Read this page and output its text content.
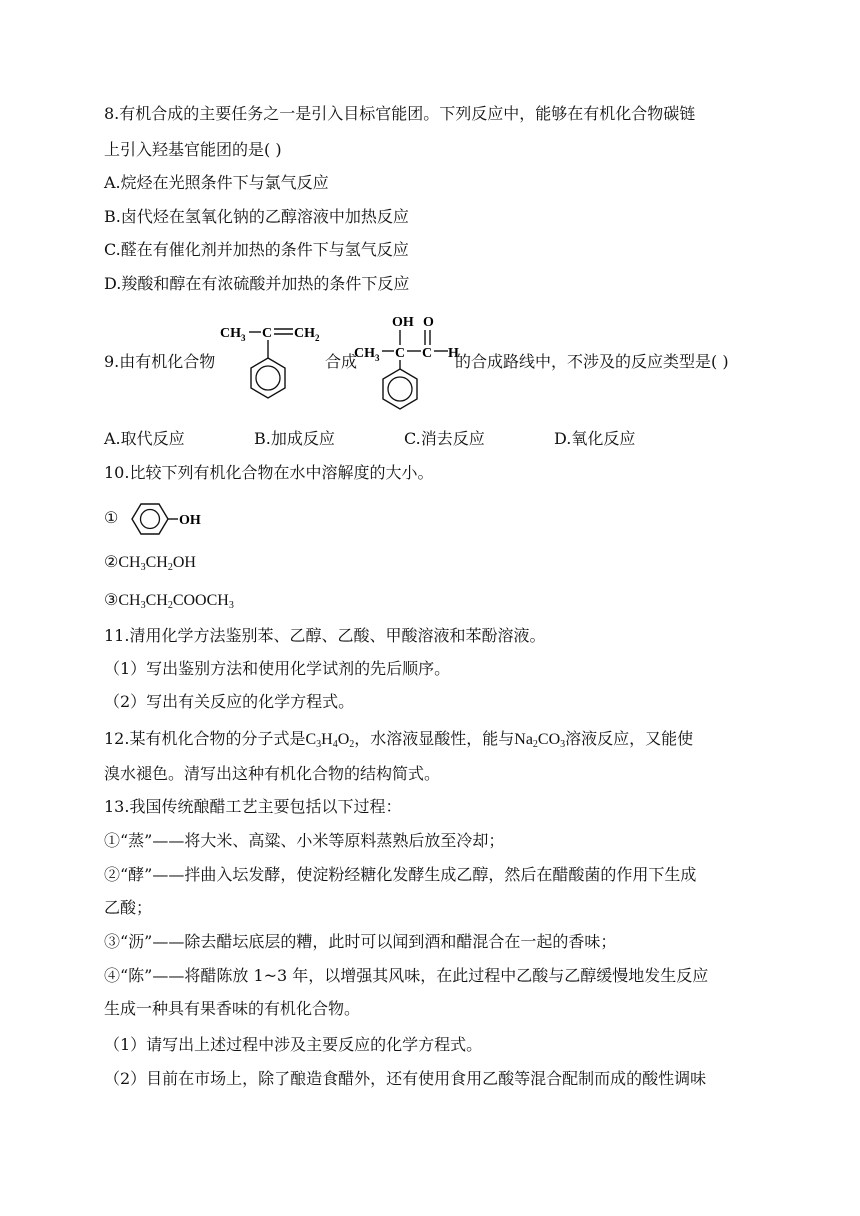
8.有机合成的主要任务之一是引入目标官能团。下列反应中，能够在有机化合物碳链
上引入羟基官能团的是( )
A.烷烃在光照条件下与氯气反应
B.卤代烃在氢氧化钠的乙醇溶液中加热反应
C.醛在有催化剂并加热的条件下与氢气反应
D.羧酸和醇在有浓硫酸并加热的条件下反应
9.由有机化合物	合成	的合成路线中，不涉及的反应类型是( )
$CH_3$ C $CH_2$
OH O
$CH_3$ C C H
A.取代反应	B.加成反应	C.消去反应	D.氧化反应
10.比较下列有机化合物在水中溶解度的大小。
①	OH
$②CH_3CH_2OH$
$③CH_3CH_2COOCH_3$
11.清用化学方法鉴别苯、乙醇、乙酸、甲酸溶液和苯酚溶液。
（1）写出鉴别方法和使用化学试剂的先后顺序。
（2）写出有关反应的化学方程式。
12.某有机化合物的分子式是$C_3H_4O_2$，水溶液显酸性，能与$Na_2CO_3$溶液反应，又能使
溴水褪色。清写出这种有机化合物的结构简式。
13.我国传统酿醋工艺主要包括以下过程：
①“蒸”——将大米、高粱、小米等原料蒸熟后放至冷却；
②“酵”——拌曲入坛发酵，使淀粉经糖化发酵生成乙醇，然后在醋酸菌的作用下生成
乙酸；
③“沥”——除去醋坛底层的糟，此时可以闻到酒和醋混合在一起的香味；
④“陈”——将醋陈放 1~3 年，以增强其风味，在此过程中乙酸与乙醇缓慢地发生反应
生成一种具有果香味的有机化合物。
（1）请写出上述过程中涉及主要反应的化学方程式。
（2）目前在市场上，除了酿造食醋外，还有使用食用乙酸等混合配制而成的酸性调味
